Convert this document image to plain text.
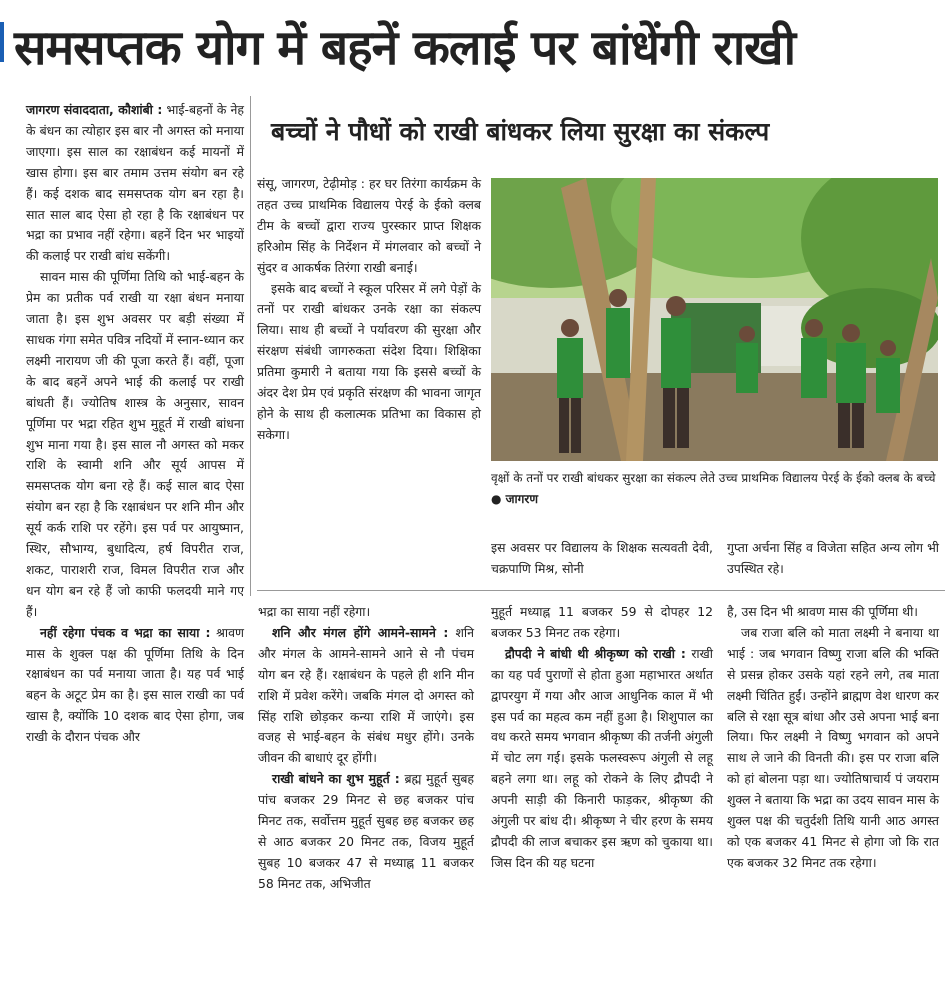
समसप्तक योग में बहनें कलाई पर बांधेंगी राखी

जागरण संवाददाता, कौशांबी : भाई-बहनों के नेह के बंधन का त्योहार इस बार नौ अगस्त को मनाया जाएगा। इस साल का रक्षाबंधन कई मायनों में खास होगा। इस बार तमाम उत्तम संयोग बन रहे हैं। कई दशक बाद समसप्तक योग बन रहा है। सात साल बाद ऐसा हो रहा है कि रक्षाबंधन पर भद्रा का प्रभाव नहीं रहेगा। बहनें दिन भर भाइयों की कलाई पर राखी बांध सकेंगी।

सावन मास की पूर्णिमा तिथि को भाई-बहन के प्रेम का प्रतीक पर्व राखी या रक्षा बंधन मनाया जाता है। इस शुभ अवसर पर बड़ी संख्या में साधक गंगा समेत पवित्र नदियों में स्नान-ध्यान कर लक्ष्मी नारायण जी की पूजा करते हैं। वहीं, पूजा के बाद बहनें अपने भाई की कलाई पर राखी बांधती हैं। ज्योतिष शास्त्र के अनुसार, सावन पूर्णिमा पर भद्रा रहित शुभ मुहूर्त में राखी बांधना शुभ माना गया है। इस साल नौ अगस्त को मकर राशि के स्वामी शनि और सूर्य आपस में समसप्तक योग बना रहे हैं। कई साल बाद ऐसा संयोग बन रहा है कि रक्षाबंधन पर शनि मीन और सूर्य कर्क राशि पर रहेंगे। इस पर्व पर आयुष्मान, स्थिर, सौभाग्य, बुधादित्य, हर्ष विपरीत राज, शकट, पाराशरी राज, विमल विपरीत राज और धन योग बन रहे हैं जो काफी फलदयी माने गए हैं।

नहीं रहेगा पंचक व भद्रा का साया : श्रावण मास के शुक्ल पक्ष की पूर्णिमा तिथि के दिन रक्षाबंधन का पर्व मनाया जाता है। यह पर्व भाई बहन के अटूट प्रेम का है। इस साल राखी का पर्व खास है, क्योंकि 10 दशक बाद ऐसा होगा, जब राखी के दौरान पंचक और

बच्चों ने पौधों को राखी बांधकर लिया सुरक्षा का संकल्प

संसू, जागरण, टेढ़ीमोड़ : हर घर तिरंगा कार्यक्रम के तहत उच्च प्राथमिक विद्यालय पेरई के ईको क्लब टीम के बच्चों द्वारा राज्य पुरस्कार प्राप्त शिक्षक हरिओम सिंह के निर्देशन में मंगलवार को बच्चों ने सुंदर व आकर्षक तिरंगा राखी बनाई।

इसके बाद बच्चों ने स्कूल परिसर में लगे पेड़ों के तनों पर राखी बांधकर उनके रक्षा का संकल्प लिया। साथ ही बच्चों ने पर्यावरण की सुरक्षा और संरक्षण संबंधी जागरुकता संदेश दिया। शिक्षिका प्रतिमा कुमारी ने बताया गया कि इससे बच्चों के अंदर देश प्रेम एवं प्रकृति संरक्षण की भावना जागृत होने के साथ ही कलात्मक प्रतिभा का विकास हो सकेगा।

वृक्षों के तनों पर राखी बांधकर सुरक्षा का संकल्प लेते उच्च प्राथमिक विद्यालय पेरई के ईको क्लब के बच्चे ● जागरण

इस अवसर पर विद्यालय के शिक्षक सत्यवती देवी, चक्रपाणि मिश्र, सोनी

गुप्ता अर्चना सिंह व विजेता सहित अन्य लोग भी उपस्थित रहे।

भद्रा का साया नहीं रहेगा।

शनि और मंगल होंगे आमने-सामने : शनि और मंगल के आमने-सामने आने से नौ पंचम योग बन रहे हैं। रक्षाबंधन के पहले ही शनि मीन राशि में प्रवेश करेंगे। जबकि मंगल दो अगस्त को सिंह राशि छोड़कर कन्या राशि में जाएंगे। इस वजह से भाई-बहन के संबंध मधुर होंगे। उनके जीवन की बाधाएं दूर होंगी।

राखी बांधने का शुभ मुहूर्त : ब्रह्म मुहूर्त सुबह पांच बजकर 29 मिनट से छह बजकर पांच मिनट तक, सर्वोत्तम मुहूर्त सुबह छह बजकर छह से आठ बजकर 20 मिनट तक, विजय मुहूर्त सुबह 10 बजकर 47 से मध्याह्न 11 बजकर 58 मिनट तक, अभिजीत

मुहूर्त मध्याह्न 11 बजकर 59 से दोपहर 12 बजकर 53 मिनट तक रहेगा।

द्रौपदी ने बांधी थी श्रीकृष्ण को राखी : राखी का यह पर्व पुराणों से होता हुआ महाभारत अर्थात द्वापरयुग में गया और आज आधुनिक काल में भी इस पर्व का महत्व कम नहीं हुआ है। शिशुपाल का वध करते समय भगवान श्रीकृष्ण की तर्जनी अंगुली में चोट लग गई। इसके फलस्वरूप अंगुली से लहू बहने लगा था। लहू को रोकने के लिए द्रौपदी ने अपनी साड़ी की किनारी फाड़कर, श्रीकृष्ण की अंगुली पर बांध दी। श्रीकृष्ण ने चीर हरण के समय द्रौपदी की लाज बचाकर इस ऋण को चुकाया था। जिस दिन की यह घटना

है, उस दिन भी श्रावण मास की पूर्णिमा थी।

जब राजा बलि को माता लक्ष्मी ने बनाया था भाई : जब भगवान विष्णु राजा बलि की भक्ति से प्रसन्न होकर उसके यहां रहने लगे, तब माता लक्ष्मी चिंतित हुईं। उन्होंने ब्राह्मण वेश धारण कर बलि से रक्षा सूत्र बांधा और उसे अपना भाई बना लिया। फिर लक्ष्मी ने विष्णु भगवान को अपने साथ ले जाने की विनती की। इस पर राजा बलि को हां बोलना पड़ा था। ज्योतिषाचार्य पं जयराम शुक्ल ने बताया कि भद्रा का उदय सावन मास के शुक्ल पक्ष की चतुर्दशी तिथि यानी आठ अगस्त को एक बजकर 41 मिनट से होगा जो कि रात एक बजकर 32 मिनट तक रहेगा।
